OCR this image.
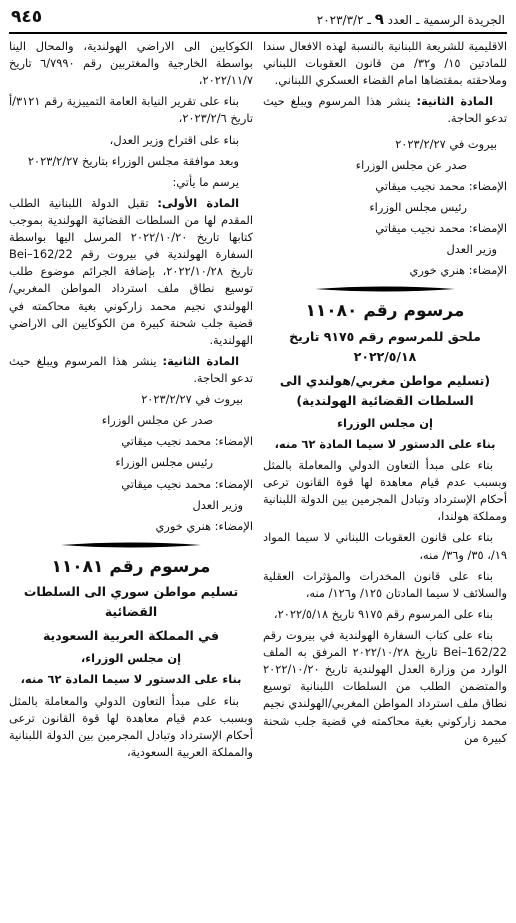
الجريدة الرسمية ـ العدد ٩ ـ ٢٠٢٣/٣/٢
٩٤٥

الاقليمية للشريعة اللبنانية بالنسبة لهذه الافعال سندا للمادتين ١٥/ و٣٢/ من قانون العقوبات اللبناني وملاحقته بمقتضاها امام القضاء العسكري اللبناني.

المادة الثانية: ينشر هذا المرسوم ويبلغ حيث تدعو الحاجة.

بيروت في ٢٠٢٣/٢/٢٧

صدر عن مجلس الوزراء

الإمضاء: محمد نجيب ميقاتي

رئيس مجلس الوزراء

الإمضاء: محمد نجيب ميقاتي

وزير العدل

الإمضاء: هنري خوري

مرسوم رقم ١١٠٨٠
ملحق للمرسوم رقم ٩١٧٥ تاريخ ٢٠٢٢/٥/١٨
(تسليم مواطن مغربي/هولندي الى السلطات القضائية الهولندية)

إن مجلس الوزراء

بناء على الدستور لا سيما المادة ٦٢ منه،

بناء على مبدأ التعاون الدولي والمعاملة بالمثل وبسبب عدم قيام معاهدة لها قوة القانون ترعى أحكام الإسترداد وتبادل المجرمين بين الدولة اللبنانية ومملكة هولندا،

بناء على قانون العقوبات اللبناني لا سيما المواد ١٩/، ٣٥/ و٣٦/ منه،

بناء على قانون المخدرات والمؤثرات العقلية والسلائف لا سيما المادتان ١٢٥/ و١٢٦/ منه،

بناء على المرسوم رقم ٩١٧٥ تاريخ ٢٠٢٢/٥/١٨،

بناء على كتاب السفارة الهولندية في بيروت رقم Bei–162/22 تاريخ ٢٠٢٢/١٠/٢٨ المرفق به الملف الوارد من وزارة العدل الهولندية تاريخ ٢٠٢٢/١٠/٢٠ والمتضمن الطلب من السلطات اللبنانية توسيع نطاق ملف استرداد المواطن المغربي/الهولندي نجيم محمد زاركوني بغية محاكمته في قضية جلب شحنة كبيرة من

الكوكايين الى الاراضي الهولندية، والمحال الينا بواسطة الخارجية والمغتربين رقم ٦/٧٩٩٠ تاريخ ٢٠٢٢/١١/٧،

بناء على تقرير النيابة العامة التمييزية رقم ٣١٢١/أ تاريخ ٢٠٢٣/٢/٦،

بناء على اقتراح وزير العدل،

وبعد موافقة مجلس الوزراء بتاريخ ٢٠٢٣/٢/٢٧

يرسم ما يأتي:

المادة الأولى: تقبل الدولة اللبنانية الطلب المقدم لها من السلطات القضائية الهولندية بموجب كتابها تاريخ ٢٠٢٢/١٠/٢٠ المرسل اليها بواسطة السفارة الهولندية في بيروت رقم Bei–162/22 تاريخ ٢٠٢٢/١٠/٢٨، بإضافة الجرائم موضوع طلب توسيع نطاق ملف استرداد المواطن المغربي/الهولندي نجيم محمد زاركوني بغية محاكمته في قضية جلب شحنة كبيرة من الكوكايين الى الاراضي الهولندية.

المادة الثانية: ينشر هذا المرسوم ويبلغ حيث تدعو الحاجة.

بيروت في ٢٠٢٣/٢/٢٧

صدر عن مجلس الوزراء

الإمضاء: محمد نجيب ميقاتي

رئيس مجلس الوزراء

الإمضاء: محمد نجيب ميقاتي

وزير العدل

الإمضاء: هنري خوري

مرسوم رقم ١١٠٨١
تسليم مواطن سوري الى السلطات القضائية
في المملكة العربية السعودية

إن مجلس الوزراء،

بناء على الدستور لا سيما المادة ٦٢ منه،

بناء على مبدأ التعاون الدولي والمعاملة بالمثل وبسبب عدم قيام معاهدة لها قوة القانون ترعى أحكام الإسترداد وتبادل المجرمين بين الدولة اللبنانية والمملكة العربية السعودية،
